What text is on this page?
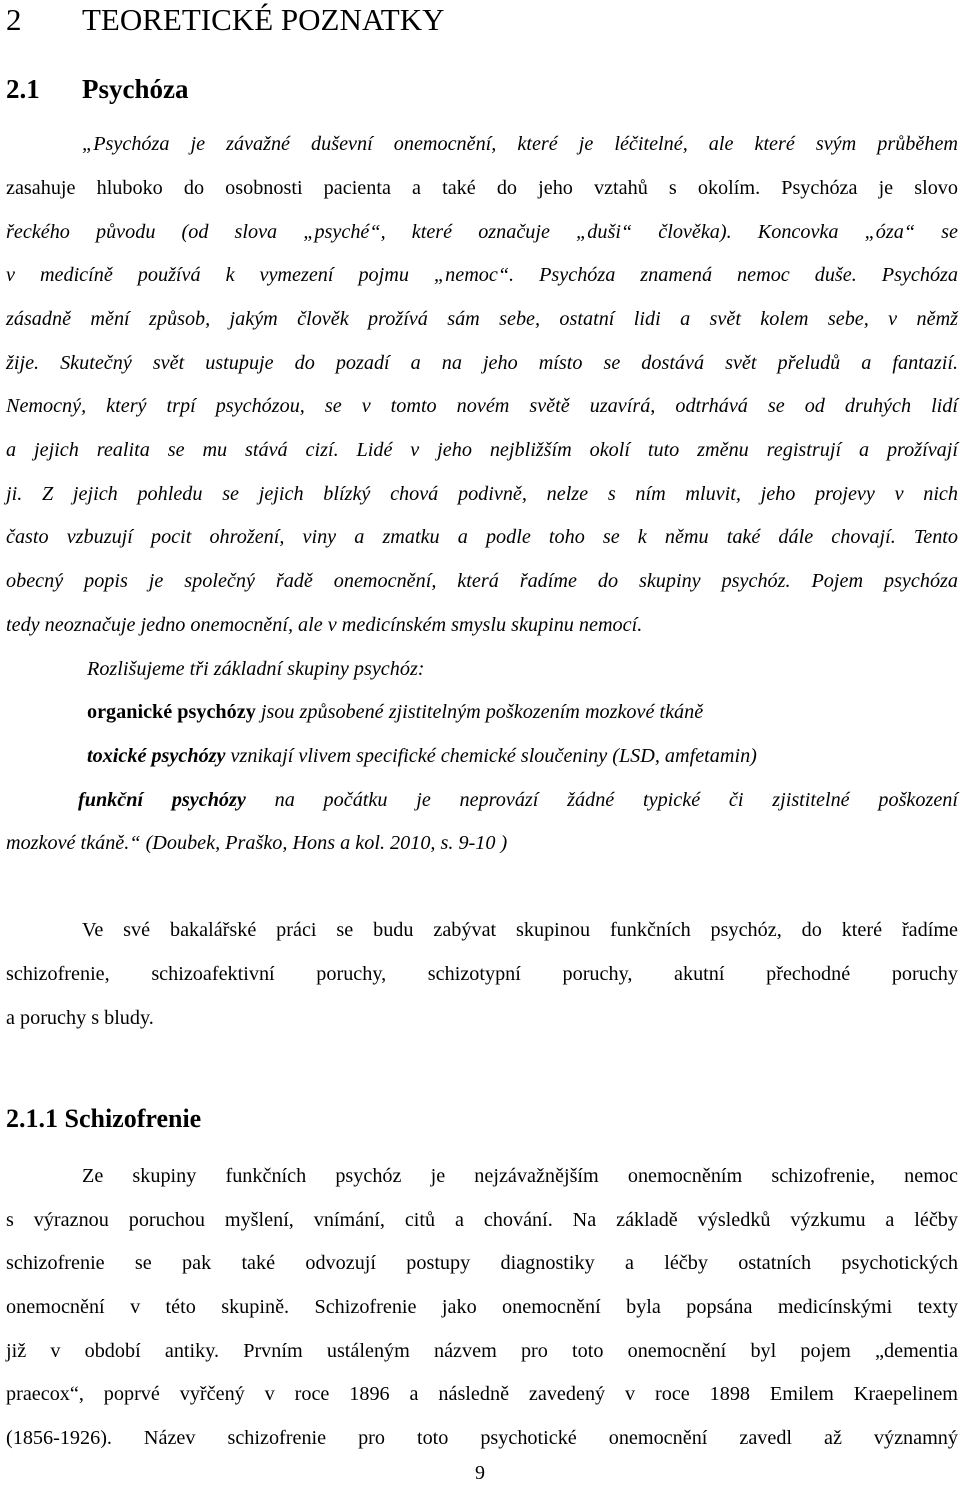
2 TEORETICKÉ POZNATKY
2.1 Psychóza
„Psychóza je závažné duševní onemocnění, které je léčitelné, ale které svým průběhem
zasahuje hluboko do osobnosti pacienta a také do jeho vztahů s okolím. Psychóza je slovo
řeckého původu (od slova „psyché“, které označuje „duši“ člověka). Koncovka „óza“ se
v medicíně používá k vymezení pojmu „nemoc“. Psychóza znamená nemoc duše. Psychóza
zásadně mění způsob, jakým člověk prožívá sám sebe, ostatní lidi a svět kolem sebe, v němž
žije. Skutečný svět ustupuje do pozadí a na jeho místo se dostává svět přeludů a fantazií.
Nemocný, který trpí psychózou, se v tomto novém světě uzavírá, odtrhává se od druhých lidí
a jejich realita se mu stává cizí. Lidé v jeho nejbližším okolí tuto změnu registrují a prožívají
ji. Z jejich pohledu se jejich blízký chová podivně, nelze s ním mluvit, jeho projevy v nich
často vzbuzují pocit ohrožení, viny a zmatku a podle toho se k němu také dále chovají. Tento
obecný popis je společný řadě onemocnění, která řadíme do skupiny psychóz. Pojem psychóza
tedy neoznačuje jedno onemocnění, ale v medicínském smyslu skupinu nemocí.
Rozlišujeme tři základní skupiny psychóz:
organické psychózy jsou způsobené zjistitelným poškozením mozkové tkáně
toxické psychózy vznikají vlivem specifické chemické sloučeniny (LSD, amfetamin)
funkční psychózy na počátku je neprovází žádné typické či zjistitelné poškození
mozkové tkáně.“ (Doubek, Praško, Hons a kol. 2010, s. 9-10 )
Ve své bakalářské práci se budu zabývat skupinou funkčních psychóz, do které řadíme
schizofrenie, schizoafektivní poruchy, schizotypní poruchy, akutní přechodné poruchy
a poruchy s bludy.
2.1.1 Schizofrenie
Ze skupiny funkčních psychóz je nejzávažnějším onemocněním schizofrenie, nemoc
s výraznou poruchou myšlení, vnímání, citů a chování. Na základě výsledků výzkumu a léčby
schizofrenie se pak také odvozují postupy diagnostiky a léčby ostatních psychotických
onemocnění v této skupině. Schizofrenie jako onemocnění byla popsána medicínskými texty
již v období antiky. Prvním ustáleným názvem pro toto onemocnění byl pojem „dementia
praecox“, poprvé vyřčený v roce 1896 a následně zavedený v roce 1898 Emilem Kraepelinem
(1856-1926). Název schizofrenie pro toto psychotické onemocnění zavedl až významný
9
